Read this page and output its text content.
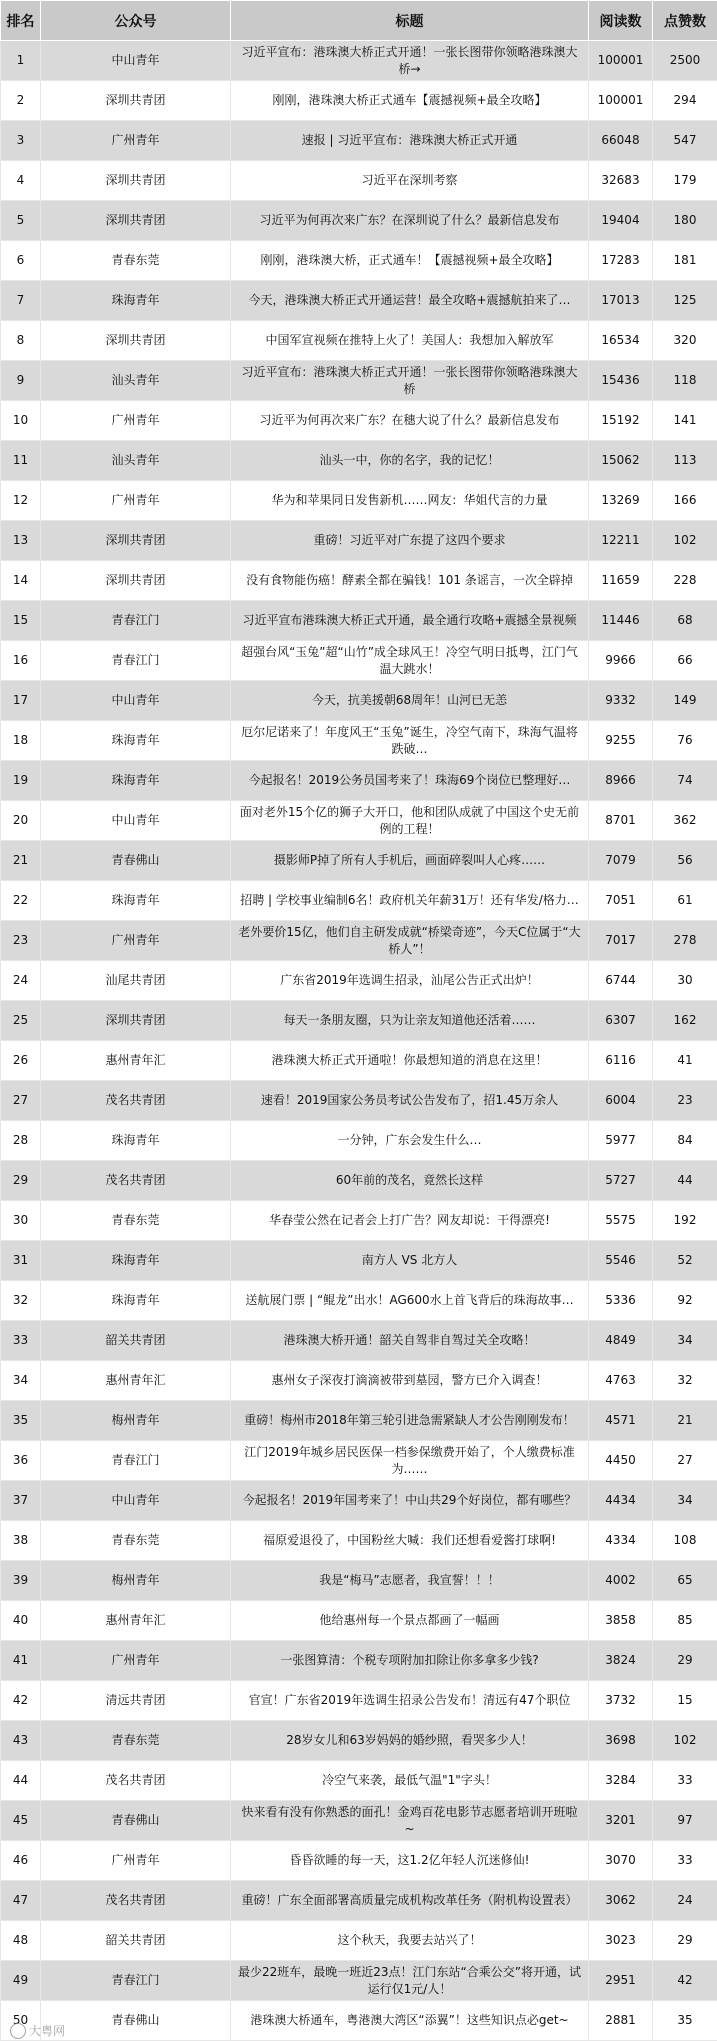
排名	公众号	标题	阅读数	点赞数
1	中山青年	习近平宣布：港珠澳大桥正式开通！一张长图带你领略港珠澳大桥→	100001	2500
2	深圳共青团	刚刚，港珠澳大桥正式通车【震撼视频+最全攻略】	100001	294
3	广州青年	速报 | 习近平宣布：港珠澳大桥正式开通	66048	547
4	深圳共青团	习近平在深圳考察	32683	179
5	深圳共青团	习近平为何再次来广东？在深圳说了什么？最新信息发布	19404	180
6	青春东莞	刚刚，港珠澳大桥，正式通车！【震撼视频+最全攻略】	17283	181
7	珠海青年	今天，港珠澳大桥正式开通运营！最全攻略+震撼航拍来了…	17013	125
8	深圳共青团	中国军宣视频在推特上火了！美国人：我想加入解放军	16534	320
9	汕头青年	习近平宣布：港珠澳大桥正式开通！一张长图带你领略港珠澳大桥	15436	118
10	广州青年	习近平为何再次来广东？在穗大说了什么？最新信息发布	15192	141
11	汕头青年	汕头一中，你的名字，我的记忆！	15062	113
12	广州青年	华为和苹果同日发售新机……网友：华姐代言的力量	13269	166
13	深圳共青团	重磅！习近平对广东提了这四个要求	12211	102
14	深圳共青团	没有食物能伤癌！酵素全都在骗钱！101 条谣言，一次全辟掉	11659	228
15	青春江门	习近平宣布港珠澳大桥正式开通，最全通行攻略+震撼全景视频	11446	68
16	青春江门	超强台风“玉兔”超“山竹”成全球风王！冷空气明日抵粤，江门气温大跳水！	9966	66
17	中山青年	今天，抗美援朝68周年！山河已无恙	9332	149
18	珠海青年	厄尔尼诺来了！年度风王“玉兔”诞生，冷空气南下，珠海气温将跌破…	9255	76
19	珠海青年	今起报名！2019公务员国考来了！珠海69个岗位已整理好…	8966	74
20	中山青年	面对老外15个亿的狮子大开口，他和团队成就了中国这个史无前例的工程！	8701	362
21	青春佛山	摄影师P掉了所有人手机后，画面碎裂叫人心疼……	7079	56
22	珠海青年	招聘 | 学校事业编制6名！政府机关年薪31万！还有华发/格力…	7051	61
23	广州青年	老外要价15亿，他们自主研发成就“桥梁奇迹”，今天C位属于“大桥人”！	7017	278
24	汕尾共青团	广东省2019年选调生招录，汕尾公告正式出炉！	6744	30
25	深圳共青团	每天一条朋友圈，只为让亲友知道他还活着……	6307	162
26	惠州青年汇	港珠澳大桥正式开通啦！你最想知道的消息在这里！	6116	41
27	茂名共青团	速看！2019国家公务员考试公告发布了，招1.45万余人	6004	23
28	珠海青年	一分钟，广东会发生什么…	5977	84
29	茂名共青团	60年前的茂名，竟然长这样	5727	44
30	青春东莞	华春莹公然在记者会上打广告？网友却说：干得漂亮!	5575	192
31	珠海青年	南方人 VS 北方人	5546	52
32	珠海青年	送航展门票 | “鲲龙”出水！AG600水上首飞背后的珠海故事…	5336	92
33	韶关共青团	港珠澳大桥开通！韶关自驾非自驾过关全攻略！	4849	34
34	惠州青年汇	惠州女子深夜打滴滴被带到墓园，警方已介入调查！	4763	32
35	梅州青年	重磅！梅州市2018年第三轮引进急需紧缺人才公告刚刚发布！	4571	21
36	青春江门	江门2019年城乡居民医保一档参保缴费开始了，个人缴费标准为……	4450	27
37	中山青年	今起报名！2019年国考来了！中山共29个好岗位，都有哪些？	4434	34
38	青春东莞	福原爱退役了，中国粉丝大喊：我们还想看爱酱打球啊!	4334	108
39	梅州青年	我是“梅马”志愿者，我宣誓！！！	4002	65
40	惠州青年汇	他给惠州每一个景点都画了一幅画	3858	85
41	广州青年	一张图算清：个税专项附加扣除让你多拿多少钱?	3824	29
42	清远共青团	官宣！广东省2019年选调生招录公告发布！清远有47个职位	3732	15
43	青春东莞	28岁女儿和63岁妈妈的婚纱照，看哭多少人！	3698	102
44	茂名共青团	冷空气来袭，最低气温"1"字头！	3284	33
45	青春佛山	快来看有没有你熟悉的面孔！金鸡百花电影节志愿者培训开班啦~	3201	97
46	广州青年	昏昏欲睡的每一天，这1.2亿年轻人沉迷修仙!	3070	33
47	茂名共青团	重磅！广东全面部署高质量完成机构改革任务（附机构设置表）	3062	24
48	韶关共青团	这个秋天，我要去站兴了！	3023	29
49	青春江门	最少22班车，最晚一班近23点！江门东站“合乘公交”将开通，试运行仅1元/人！	2951	42
50	青春佛山	港珠澳大桥通车，粤港澳大湾区“添翼”！这些知识点必get~	2881	35
大粤网
